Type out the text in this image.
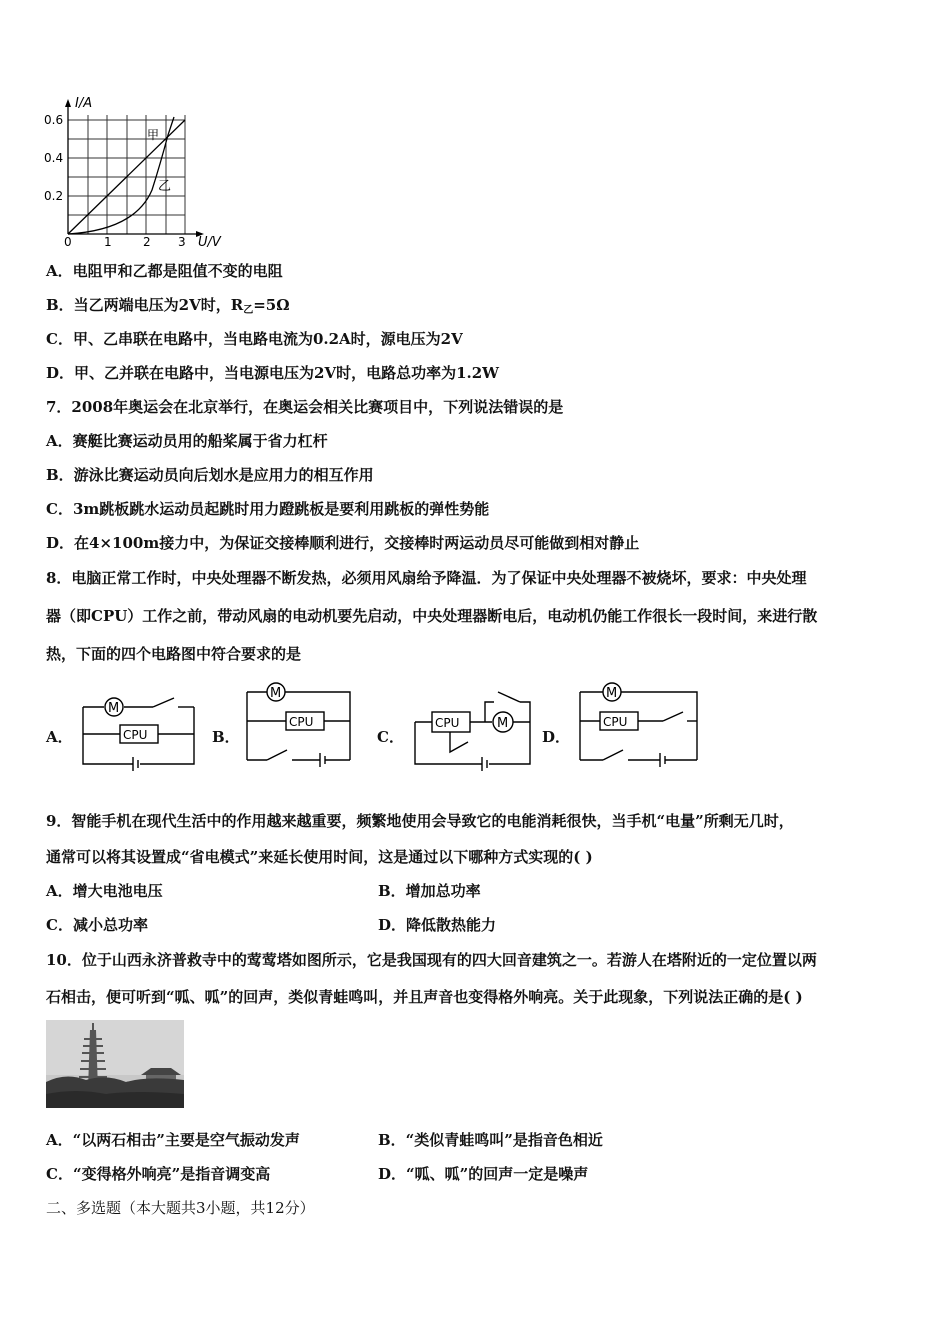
I/A
U/V
0.6
0.4
0.2
0	1	2 3
甲
乙
A．电阻甲和乙都是阻值不变的电阻
B．当乙两端电压为2V时，$R_乙=5\Omega$
C．甲、乙串联在电路中，当电路电流为0.2A时，源电压为2V
D．甲、乙并联在电路中，当电源电压为2V时，电路总功率为1.2W
7．2008年奥运会在北京举行，在奥运会相关比赛项目中，下列说法错误的是
A．赛艇比赛运动员用的船桨属于省力杠杆
B．游泳比赛运动员向后划水是应用力的相互作用
C．3m跳板跳水运动员起跳时用力蹬跳板是要利用跳板的弹性势能
D．在4×100m接力中，为保证交接棒顺利进行，交接棒时两运动员尽可能做到相对静止
8．电脑正常工作时，中央处理器不断发热，必须用风扇给予降温．为了保证中央处理器不被烧坏，要求：中央处理
器（即CPU）工作之前，带动风扇的电动机要先启动，中央处理器断电后，电动机仍能工作很长一段时间，来进行散
热，下面的四个电路图中符合要求的是
A．	B．	C．	D．
M
CPU
M
CPU	CPU	M
M
CPU
9．智能手机在现代生活中的作用越来越重要，频繁地使用会导致它的电能消耗很快，当手机“电量”所剩无几时，
通常可以将其设置成“省电模式”来延长使用时间，这是通过以下哪种方式实现的( )
A．增大电池电压	B．增加总功率
C．减小总功率	D．降低散热能力
10．位于山西永济普救寺中的莺莺塔如图所示，它是我国现有的四大回音建筑之一。若游人在塔附近的一定位置以两
石相击，便可听到“呱、呱”的回声，类似青蛙鸣叫，并且声音也变得格外响亮。关于此现象，下列说法正确的是( )
A．“以两石相击”主要是空气振动发声	B．“类似青蛙鸣叫”是指音色相近
C．“变得格外响亮”是指音调变高	D．“呱、呱”的回声一定是噪声
二、多选题（本大题共3小题，共12分）
